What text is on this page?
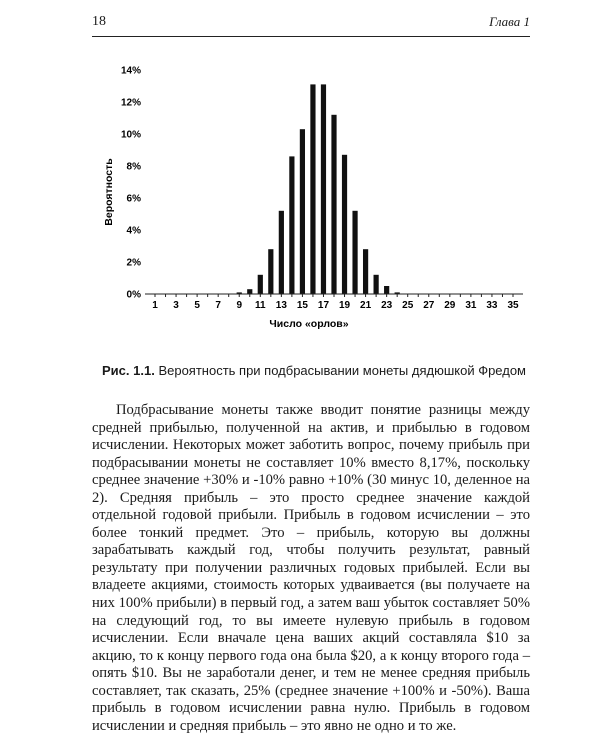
18	Глава 1
0%
2%
4%
6%
8%
10%
12%
14%
1 3 5 7 9 11 13 15 17 19 21 23 25 27 29 31 33 35
Вероятность
Число «орлов»
Рис. 1.1. Вероятность при подбрасывании монеты дядюшкой Фредом

Подбрасывание монеты также вводит понятие разницы между средней прибылью, полученной на актив, и прибылью в годовом исчислении. Некоторых может заботить вопрос, почему прибыль при подбрасывании монеты не составляет 10% вместо 8,17%, поскольку среднее значение +30% и -10% равно +10% (30 минус 10, деленное на 2). Средняя прибыль – это просто среднее значение каждой отдельной годовой прибыли. Прибыль в годовом исчислении – это более тонкий предмет. Это – прибыль, которую вы должны зарабатывать каждый год, чтобы получить результат, равный результату при получении различных годовых прибылей. Если вы владеете акциями, стоимость которых удваивается (вы получаете на них 100% прибыли) в первый год, а затем ваш убыток составляет 50% на следующий год, то вы имеете нулевую прибыль в годовом исчислении. Если вначале цена ваших акций составляла $10 за акцию, то к концу первого года она была $20, а к концу второго года – опять $10. Вы не заработали денег, и тем не менее средняя прибыль составляет, так сказать, 25% (среднее значение +100% и -50%). Ваша прибыль в годовом исчислении равна нулю. Прибыль в годовом исчислении и средняя прибыль – это явно не одно и то же.
